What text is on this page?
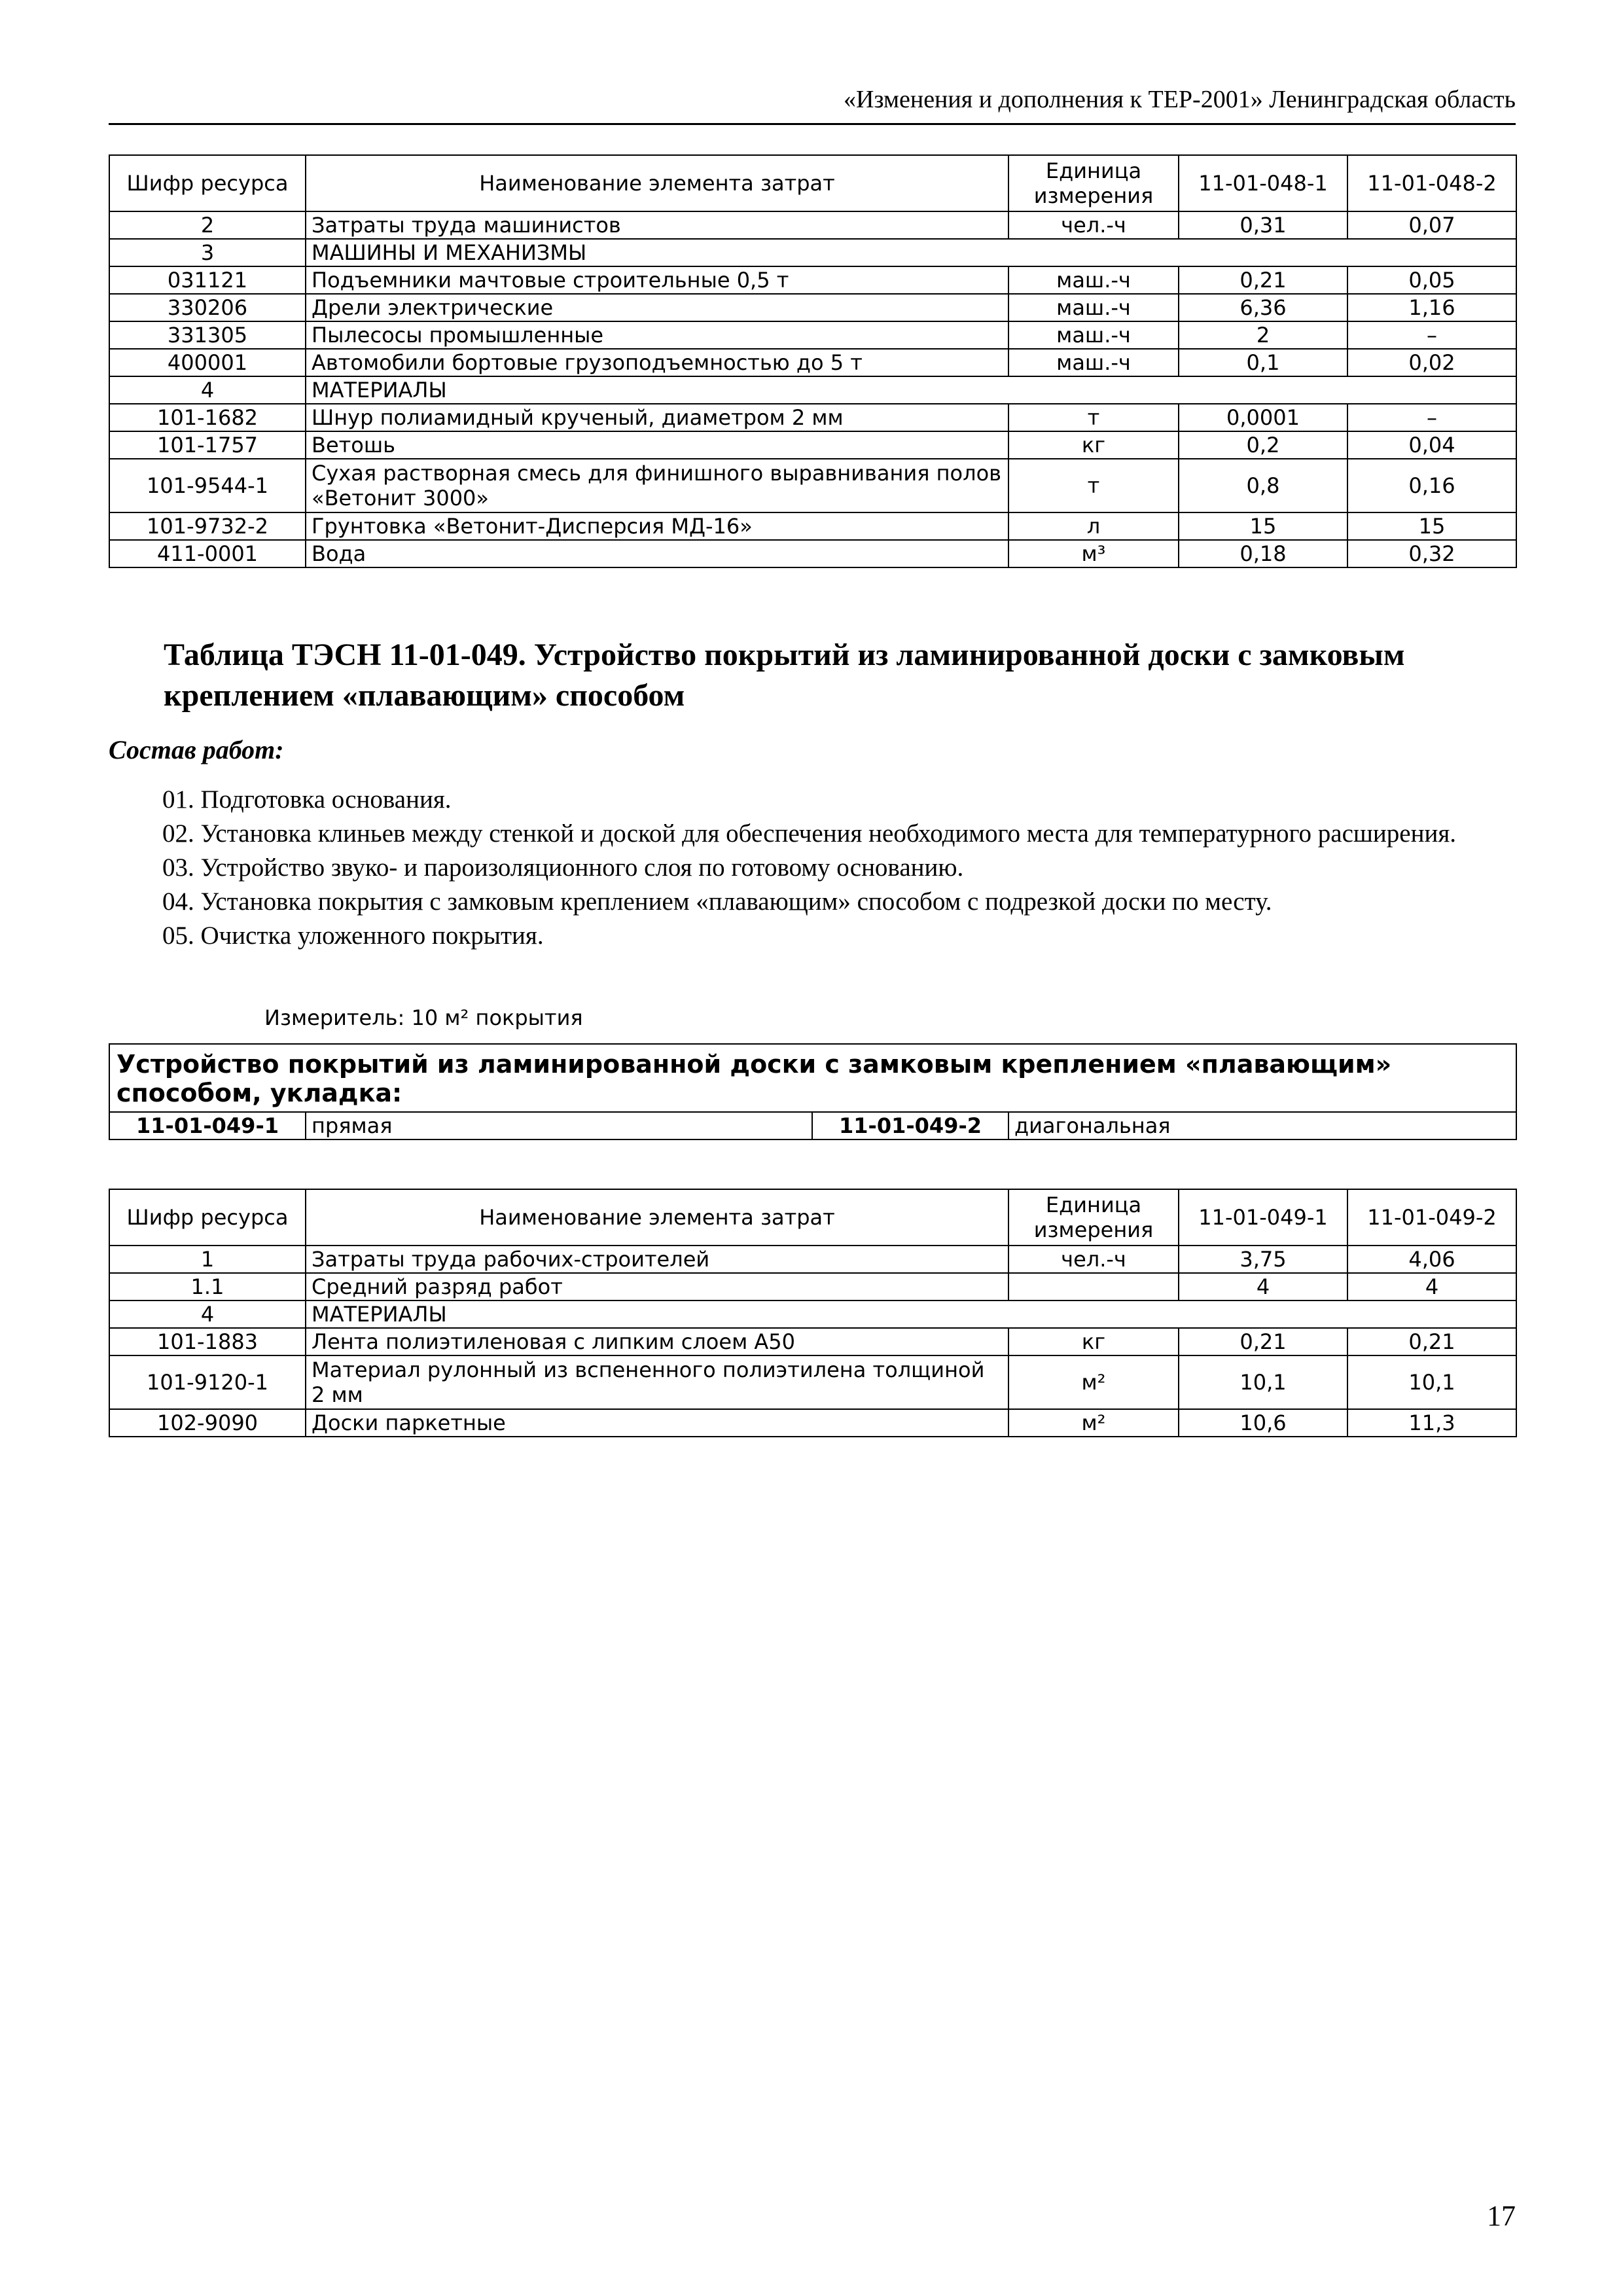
«Изменения и дополнения к ТЕР-2001» Ленинградская область
Шифр ресурса	Наименование элемента затрат	Единица измерения	11-01-048-1	11-01-048-2
2	Затраты труда машинистов	чел.-ч	0,31	0,07
3	МАШИНЫ И МЕХАНИЗМЫ			
031121	Подъемники мачтовые строительные 0,5 т	маш.-ч	0,21	0,05
330206	Дрели электрические	маш.-ч	6,36	1,16
331305	Пылесосы промышленные	маш.-ч	2	–
400001	Автомобили бортовые грузоподъемностью до 5 т	маш.-ч	0,1	0,02
4	МАТЕРИАЛЫ			
101-1682	Шнур полиамидный крученый, диаметром 2 мм	т	0,0001	–
101-1757	Ветошь	кг	0,2	0,04
101-9544-1	Сухая растворная смесь для финишного выравнивания полов «Ветонит 3000»	т	0,8	0,16
101-9732-2	Грунтовка «Ветонит-Дисперсия МД-16»	л	15	15
411-0001	Вода	м³	0,18	0,32
Таблица ТЭСН 11-01-049. Устройство покрытий из ламинированной доски с замковым креплением «плавающим» способом
Состав работ:
01. Подготовка основания.
02. Установка клиньев между стенкой и доской для обеспечения необходимого места для температурного расширения.
03. Устройство звуко- и пароизоляционного слоя по готовому основанию.
04. Установка покрытия с замковым креплением «плавающим» способом с подрезкой доски по месту.
05. Очистка уложенного покрытия.
Измеритель: 10 м² покрытия
Устройство покрытий из ламинированной доски с замковым креплением «плавающим» способом, укладка:
11-01-049-1	прямая	11-01-049-2	диагональная
Шифр ресурса	Наименование элемента затрат	Единица измерения	11-01-049-1	11-01-049-2
1	Затраты труда рабочих-строителей	чел.-ч	3,75	4,06
1.1	Средний разряд работ		4	4
4	МАТЕРИАЛЫ			
101-1883	Лента полиэтиленовая с липким слоем А50	кг	0,21	0,21
101-9120-1	Материал рулонный из вспененного полиэтилена толщиной 2 мм	м²	10,1	10,1
102-9090	Доски паркетные	м²	10,6	11,3
17
